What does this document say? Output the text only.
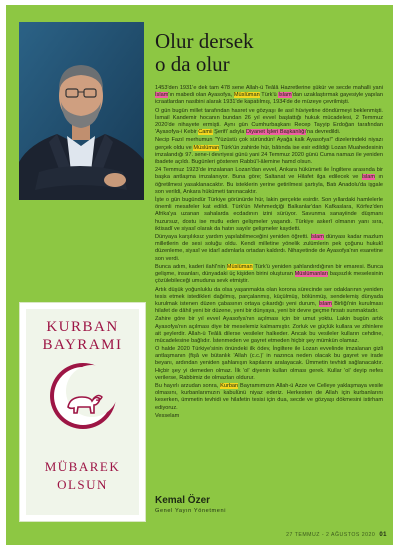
Olur dersek
o da olur

1453'den 1931'e dek tam 478 sene Allah-ü Teâlâ Hazretlerine şükür ve secde mahalli yani İslam'ın mabedi olan Ayasofya, Müslüman Türk'ü İslam'dan uzaklaştırmak gayesiyle yapılan icraatlardan nasibini alarak 1931'de kapatılmış, 1934'de de müzeye çevrilmişti.

O gün bugün millet tarafından hasret ve gözyaşı ile asıl hüviyetine döndürmeyi beklenmişti. İsmail Kandemir hocanın bundan 26 yıl evvel başlattığı hukuk mücadelesi, 2 Temmuz 2020'de nihayete ermişti. Aynı gün Cumhurbaşkanı Recep Tayyip Erdoğan tarafından 'Ayasofya-i Kebir Camii Şerifi' adıyla Diyanet İşleri Başkanlığı'na devredildi.

Necip Fazıl merhumun "Yüzüstü çok süründün! Ayağa kalk Ayasofya!" dizelerindeki niyazı gerçek oldu ve Müslüman Türk'ün zahirde hür, bâtında ise esir edildiği Lozan Muahedesinin imzalandığı 97. sene-i devriyesi günü yani 24 Temmuz 2020 günü Cuma namazı ile yeniden ibadete açıldı. Bugünleri gösteren Rabbü'l-âlemine hamd olsun.

24 Temmuz 1923'de imzalanan Lozan'dan evvel, Ankara hükümeti ile İngiltere arasında bir başka antlaşma imzalanıyor. Buna göre; Saltanat ve Hilafet ilga edilecek ve İslam ın öğretilmesi yasaklanacaktır. Bu isteklerin yerine getirilmesi şartıyla, Batı Anadolu'da işgale son verildi, Ankara hükümeti tanınacaktır.

İşte o gün bugündür Türkiye görünürde hür, lakin gerçekte esirdir. Son yıllardaki hamlelerle önemli mesafeler kat edildi. Türk'ün Mehmedçiği Balkanlar'dan Kafkaslara, Körfez'den Afrika'ya uzanan sahalarda ecdadının izini sürüyor. Savunma sanayiinde düşmanı huzursuz, dostu ise mutlu eden gelişmeler yaşandı. Türkiye askerî olmanın yanı sıra, iktisadî ve siyasî olarak da hatırı sayılır gelişmeler kaydetti.

Dünyaya karşılıksız yardım yapılabilmeceğini yeniden öğretti. İslam dünyası kadar mazlum milletlerin de sesi soluğu oldu. Kendi milletine yönelik zulümlerin pek çoğunu hukukî düzenleme, siyasî ve idarî adımlarla ortadan kaldırdı. Nihayetinde de Ayasofya'nın esaretine son verdi.

Bunca adım, kaderi ilahî'nin Müslüman Türk'ü yeniden şahlandırdığının bir emaresi. Bunca gelişme, insanları, dünyadaki üç kişiden birini oluşturan Müslümanları başsızlık meselesinin çözülebileceği umuduna sevk etmiştir.

Artık düşük yoğunluklu da olsa yaşanmakta olan korona sürecinde ser odaklarının yeniden tesis etmek istedikleri dağılmış, parçalanmış, küçülmüş, bölünmüş, sendelemiş dünyada kurulmak istenen düzen çabasının ortaya çıkardığı yeni durum, İslam Birliği'nin kurulması hilafet de dâhil yeni bir düzene, yeni bir dünyaya, yeni bir devre geçme fırsatı sunmaktadır.

Zahire göre bir yıl evvel Ayasofya'nın açılması için bir umut yoktu. Lakin bugün artık Ayasofya'nın açılması diye bir meselemiz kalmamıştır. Zorluk ve güçlük kullara ve zihinlere ait şeylerdir. Allah-ü Teâlâ dilerse vesileler halkeder. Ancak bu vesileler kulların cehdine, mücadelesine bağlıdır. İstenmeden ve gayret etmeden hiçbir şey mümkün olamaz.

O halde 2020 Türkiye'sinin önündeki ilk ödev, İngiltere ile Lozan evvelinde imzalanan gizli antlaşmanın (fişâ ve bütanlık 'Allah (c.c.)' in nazınca neden olacak bu gayret ve irade beyanı, ardından yeniden şahlanışın kapılarını aralayacak. Ümmetin tevhidi sağlanacaktır. Hiçbir şey yi demeden olmaz. İlk 'ol' diyenin kulları olması gerek. Kullar 'ol' deyip nefes verilerse, Rabbimiz de olmazları oldurur.

Bu hayırlı arzudan sonra, Kurban Bayramımızın Allah-ü Azze ve Celleye yaklaşmaya vesile olmasını, kurbanlarımızın kabulünü niyaz ederiz. Herkesten de Allah için kurbanlarını keserken, ümmetin tevhidi ve hilafetin tesisi için dua, secde ve gözyaşı dökmesini istirham ediyoruz.

Vesselam

KURBAN
BAYRAMI
MÜBAREK
OLSUN
Kemal Özer
Genel Yayın Yönetmeni
27 TEMMUZ - 2 AĞUSTOS 2020 01
